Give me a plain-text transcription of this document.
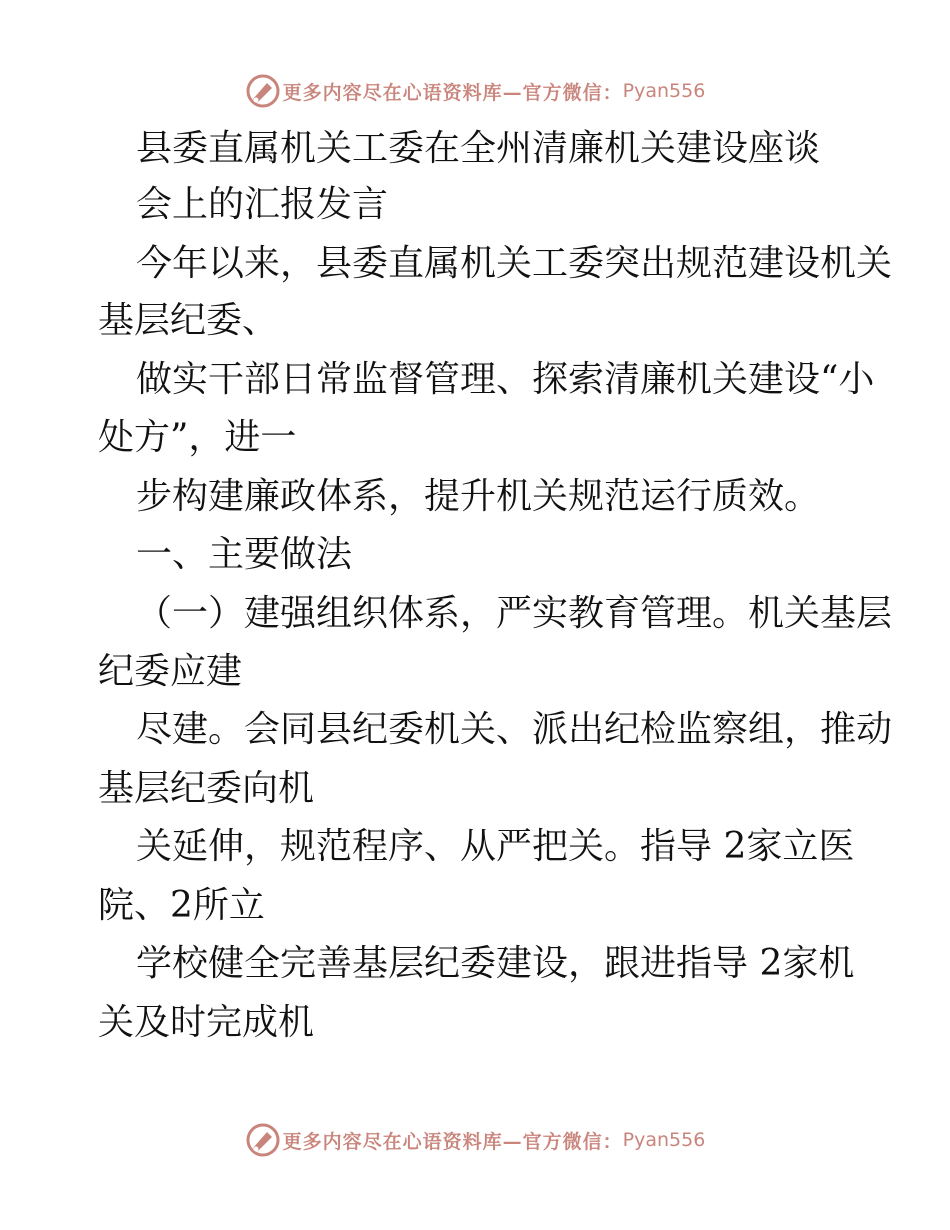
更多内容尽在心语资料库—官方微信： Pyan556
县委直属机关工委在全州清廉机关建设座谈
会上的汇报发言
今年以来，县委直属机关工委突出规范建设机关
基层纪委、
做实干部日常监督管理、探索清廉机关建设“小
处方”，进一
步构建廉政体系，提升机关规范运行质效。
一、主要做法
（一）建强组织体系，严实教育管理。机关基层
纪委应建
尽建。会同县纪委机关、派出纪检监察组，推动
基层纪委向机
关延伸，规范程序、从严把关。指导 2家立医
院、2所立
学校健全完善基层纪委建设，跟进指导 2家机
关及时完成机
更多内容尽在心语资料库—官方微信： Pyan556
